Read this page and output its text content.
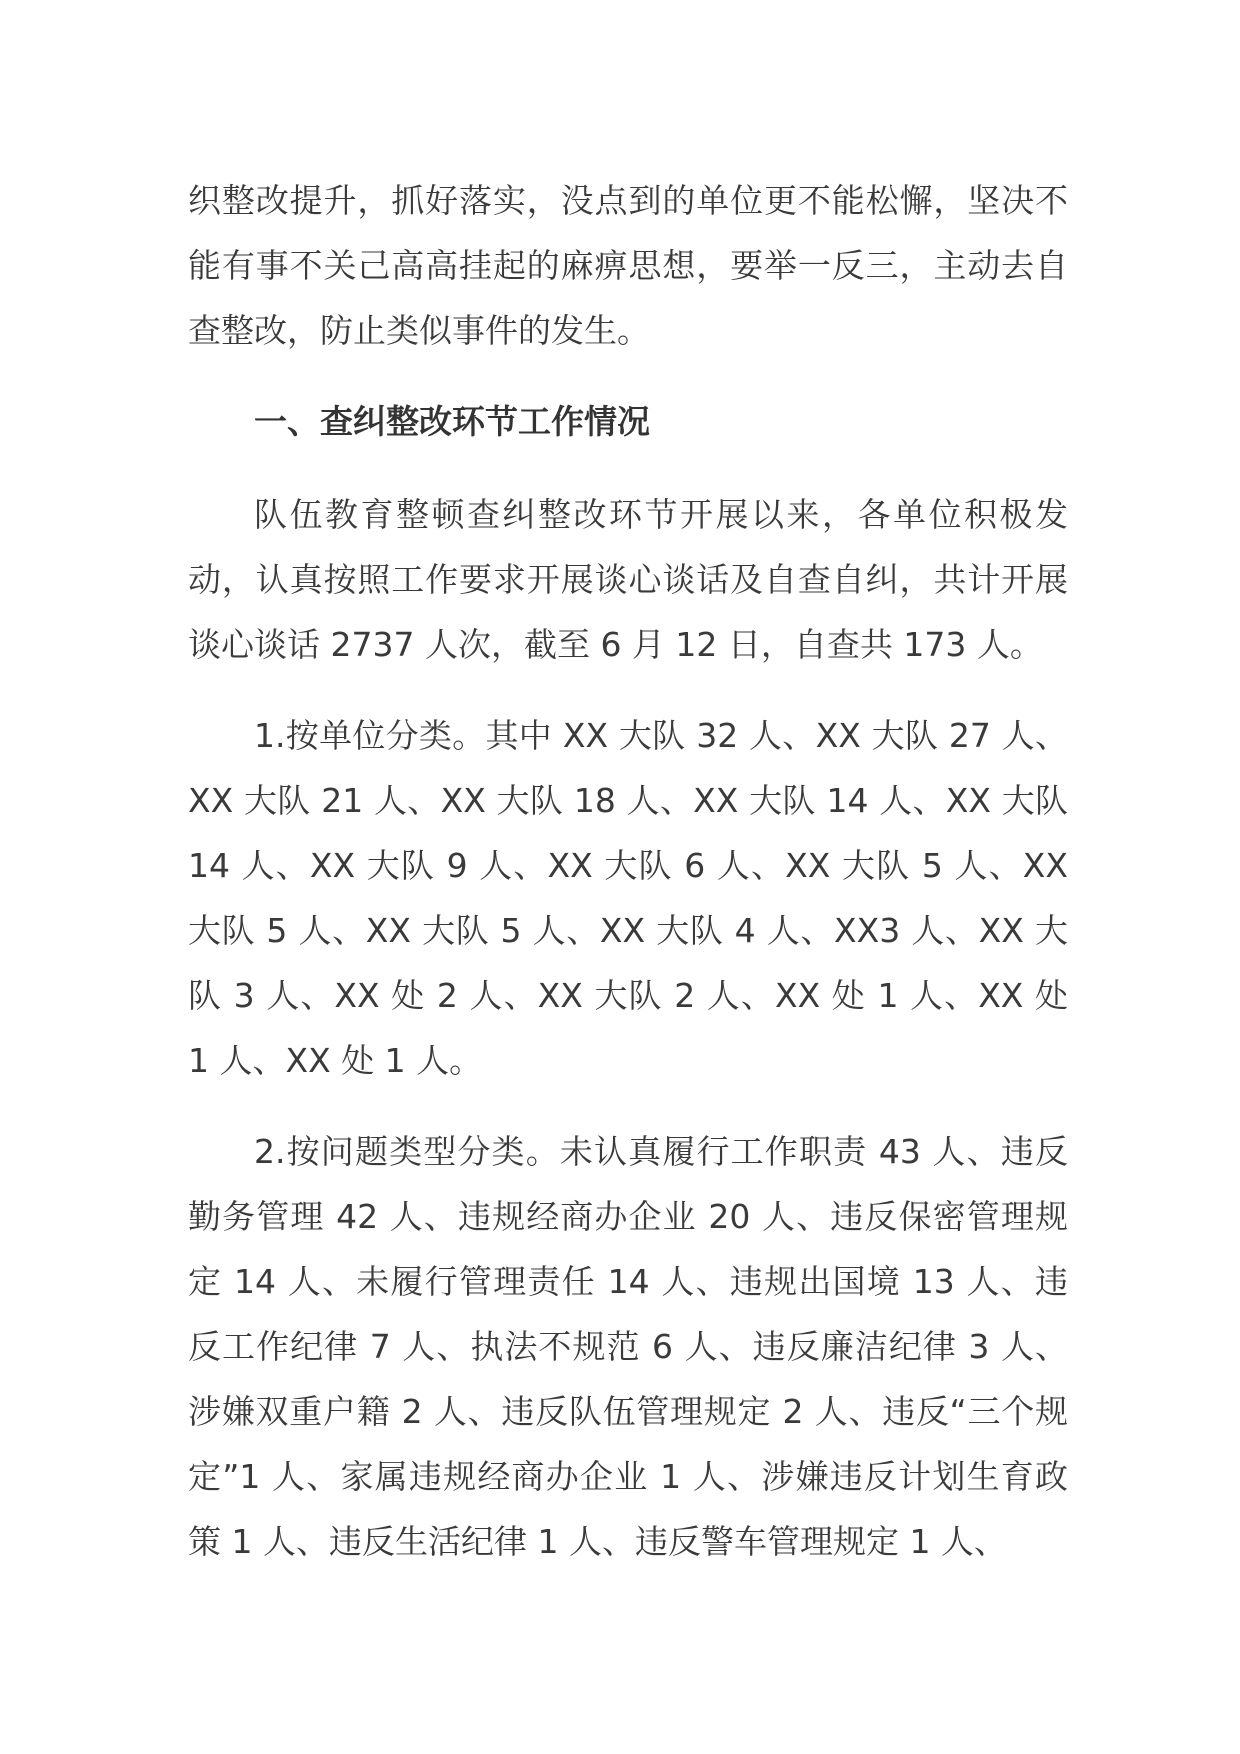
织整改提升，抓好落实，没点到的单位更不能松懈，坚决不能有事不关己高高挂起的麻痹思想，要举一反三，主动去自查整改，防止类似事件的发生。

一、查纠整改环节工作情况

队伍教育整顿查纠整改环节开展以来，各单位积极发动，认真按照工作要求开展谈心谈话及自查自纠，共计开展谈心谈话 2737 人次，截至 6 月 12 日，自查共 173 人。

1.按单位分类。其中 XX 大队 32 人、XX 大队 27 人、XX 大队 21 人、XX 大队 18 人、XX 大队 14 人、XX 大队 14 人、XX 大队 9 人、XX 大队 6 人、XX 大队 5 人、XX 大队 5 人、XX 大队 5 人、XX 大队 4 人、XX3 人、XX 大队 3 人、XX 处 2 人、XX 大队 2 人、XX 处 1 人、XX 处 1 人、XX 处 1 人。

2.按问题类型分类。未认真履行工作职责 43 人、违反勤务管理 42 人、违规经商办企业 20 人、违反保密管理规定 14 人、未履行管理责任 14 人、违规出国境 13 人、违反工作纪律 7 人、执法不规范 6 人、违反廉洁纪律 3 人、涉嫌双重户籍 2 人、违反队伍管理规定 2 人、违反“三个规定”1 人、家属违规经商办企业 1 人、涉嫌违反计划生育政策 1 人、违反生活纪律 1 人、违反警车管理规定 1 人、
